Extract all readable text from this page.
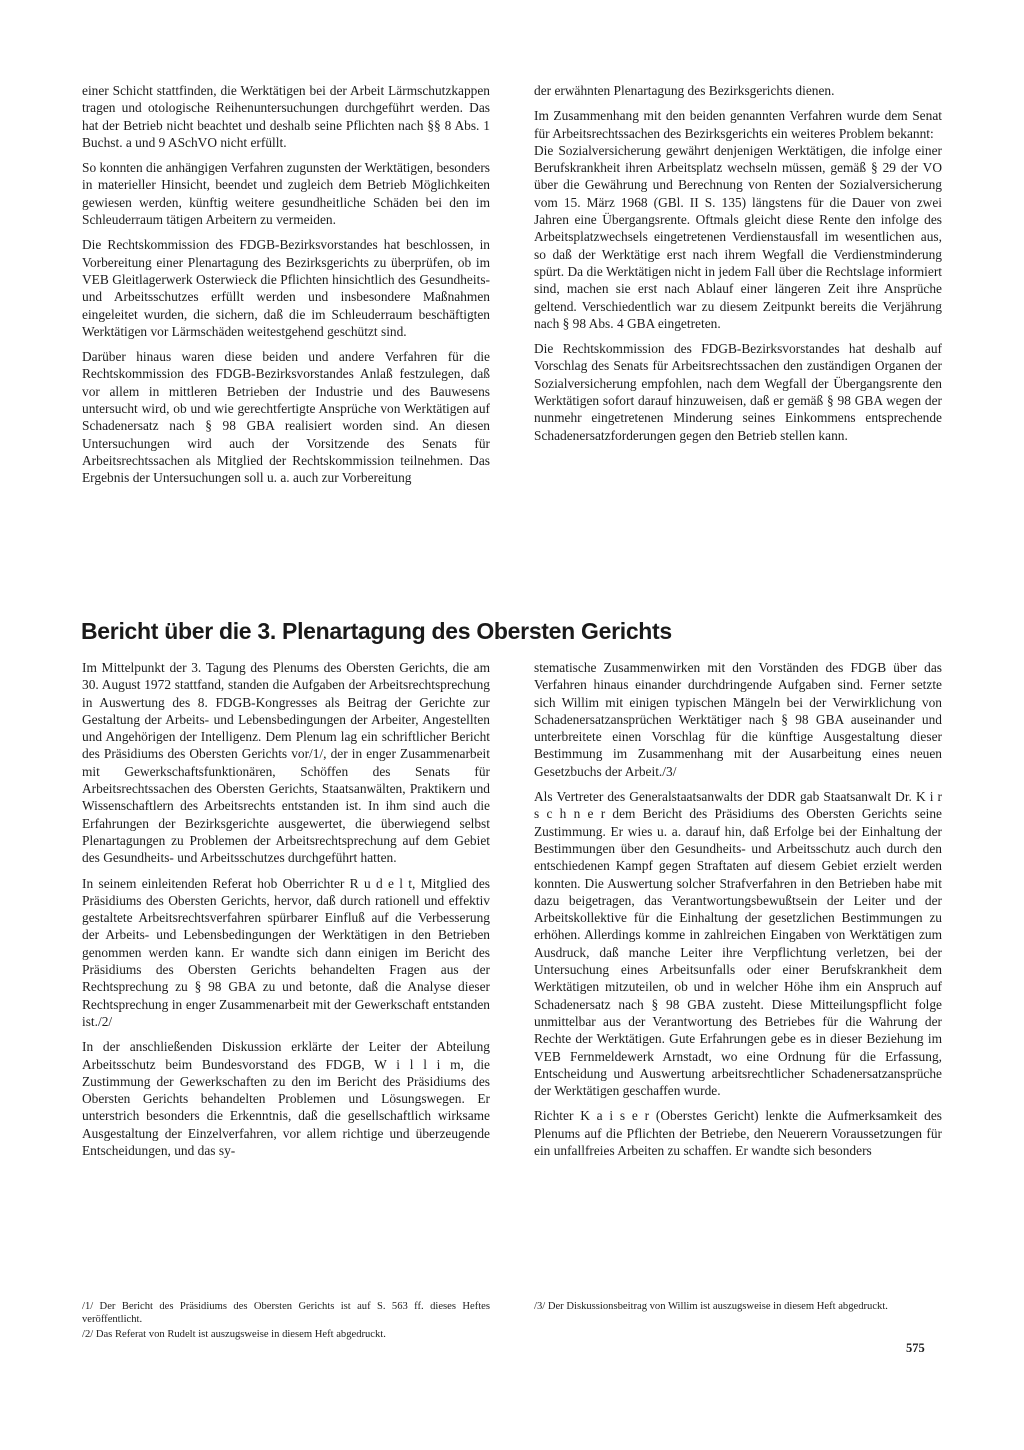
einer Schicht stattfinden, die Werktätigen bei der Arbeit Lärmschutzkappen tragen und otologische Reihenuntersuchungen durchgeführt werden. Das hat der Betrieb nicht beachtet und deshalb seine Pflichten nach §§ 8 Abs. 1 Buchst. a und 9 ASchVO nicht erfüllt.

So konnten die anhängigen Verfahren zugunsten der Werktätigen, besonders in materieller Hinsicht, beendet und zugleich dem Betrieb Möglichkeiten gewiesen werden, künftig weitere gesundheitliche Schäden bei den im Schleuderraum tätigen Arbeitern zu vermeiden.

Die Rechtskommission des FDGB-Bezirksvorstandes hat beschlossen, in Vorbereitung einer Plenartagung des Bezirksgerichts zu überprüfen, ob im VEB Gleitlagerwerk Osterwieck die Pflichten hinsichtlich des Gesundheits- und Arbeitsschutzes erfüllt werden und insbesondere Maßnahmen eingeleitet wurden, die sichern, daß die im Schleuderraum beschäftigten Werktätigen vor Lärmschäden weitestgehend geschützt sind.

Darüber hinaus waren diese beiden und andere Verfahren für die Rechtskommission des FDGB-Bezirksvorstandes Anlaß festzulegen, daß vor allem in mittleren Betrieben der Industrie und des Bauwesens untersucht wird, ob und wie gerechtfertigte Ansprüche von Werktätigen auf Schadenersatz nach § 98 GBA realisiert worden sind. An diesen Untersuchungen wird auch der Vorsitzende des Senats für Arbeitsrechtssachen als Mitglied der Rechtskommission teilnehmen. Das Ergebnis der Untersuchungen soll u. a. auch zur Vorbereitung

der erwähnten Plenartagung des Bezirksgerichts dienen.

Im Zusammenhang mit den beiden genannten Verfahren wurde dem Senat für Arbeitsrechtssachen des Bezirksgerichts ein weiteres Problem bekannt:

Die Sozialversicherung gewährt denjenigen Werktätigen, die infolge einer Berufskrankheit ihren Arbeitsplatz wechseln müssen, gemäß § 29 der VO über die Gewährung und Berechnung von Renten der Sozialversicherung vom 15. März 1968 (GBl. II S. 135) längstens für die Dauer von zwei Jahren eine Übergangsrente. Oftmals gleicht diese Rente den infolge des Arbeitsplatzwechsels eingetretenen Verdienstausfall im wesentlichen aus, so daß der Werktätige erst nach ihrem Wegfall die Verdienstminderung spürt. Da die Werktätigen nicht in jedem Fall über die Rechtslage informiert sind, machen sie erst nach Ablauf einer längeren Zeit ihre Ansprüche geltend. Verschiedentlich war zu diesem Zeitpunkt bereits die Verjährung nach § 98 Abs. 4 GBA eingetreten.

Die Rechtskommission des FDGB-Bezirksvorstandes hat deshalb auf Vorschlag des Senats für Arbeitsrechtssachen den zuständigen Organen der Sozialversicherung empfohlen, nach dem Wegfall der Übergangsrente den Werktätigen sofort darauf hinzuweisen, daß er gemäß § 98 GBA wegen der nunmehr eingetretenen Minderung seines Einkommens entsprechende Schadenersatzforderungen gegen den Betrieb stellen kann.

Bericht über die 3. Plenartagung des Obersten Gerichts

Im Mittelpunkt der 3. Tagung des Plenums des Obersten Gerichts, die am 30. August 1972 stattfand, standen die Aufgaben der Arbeitsrechtsprechung in Auswertung des 8. FDGB-Kongresses als Beitrag der Gerichte zur Gestaltung der Arbeits- und Lebensbedingungen der Arbeiter, Angestellten und Angehörigen der Intelligenz. Dem Plenum lag ein schriftlicher Bericht des Präsidiums des Obersten Gerichts vor/1/, der in enger Zusammenarbeit mit Gewerkschaftsfunktionären, Schöffen des Senats für Arbeitsrechtssachen des Obersten Gerichts, Staatsanwälten, Praktikern und Wissenschaftlern des Arbeitsrechts entstanden ist. In ihm sind auch die Erfahrungen der Bezirksgerichte ausgewertet, die überwiegend selbst Plenartagungen zu Problemen der Arbeitsrechtsprechung auf dem Gebiet des Gesundheits- und Arbeitsschutzes durchgeführt hatten.

In seinem einleitenden Referat hob Oberrichter R u d e l t, Mitglied des Präsidiums des Obersten Gerichts, hervor, daß durch rationell und effektiv gestaltete Arbeitsrechtsverfahren spürbarer Einfluß auf die Verbesserung der Arbeits- und Lebensbedingungen der Werktätigen in den Betrieben genommen werden kann. Er wandte sich dann einigen im Bericht des Präsidiums des Obersten Gerichts behandelten Fragen aus der Rechtsprechung zu § 98 GBA zu und betonte, daß die Analyse dieser Rechtsprechung in enger Zusammenarbeit mit der Gewerkschaft entstanden ist./2/

In der anschließenden Diskussion erklärte der Leiter der Abteilung Arbeitsschutz beim Bundesvorstand des FDGB, W i l l i m, die Zustimmung der Gewerkschaften zu den im Bericht des Präsidiums des Obersten Gerichts behandelten Problemen und Lösungswegen. Er unterstrich besonders die Erkenntnis, daß die gesellschaftlich wirksame Ausgestaltung der Einzelverfahren, vor allem richtige und überzeugende Entscheidungen, und das sy-

stematische Zusammenwirken mit den Vorständen des FDGB über das Verfahren hinaus einander durchdringende Aufgaben sind. Ferner setzte sich Willim mit einigen typischen Mängeln bei der Verwirklichung von Schadenersatzansprüchen Werktätiger nach § 98 GBA auseinander und unterbreitete einen Vorschlag für die künftige Ausgestaltung dieser Bestimmung im Zusammenhang mit der Ausarbeitung eines neuen Gesetzbuchs der Arbeit./3/

Als Vertreter des Generalstaatsanwalts der DDR gab Staatsanwalt Dr. K i r s c h n e r dem Bericht des Präsidiums des Obersten Gerichts seine Zustimmung. Er wies u. a. darauf hin, daß Erfolge bei der Einhaltung der Bestimmungen über den Gesundheits- und Arbeitsschutz auch durch den entschiedenen Kampf gegen Straftaten auf diesem Gebiet erzielt werden konnten. Die Auswertung solcher Strafverfahren in den Betrieben habe mit dazu beigetragen, das Verantwortungsbewußtsein der Leiter und der Arbeitskollektive für die Einhaltung der gesetzlichen Bestimmungen zu erhöhen. Allerdings komme in zahlreichen Eingaben von Werktätigen zum Ausdruck, daß manche Leiter ihre Verpflichtung verletzen, bei der Untersuchung eines Arbeitsunfalls oder einer Berufskrankheit dem Werktätigen mitzuteilen, ob und in welcher Höhe ihm ein Anspruch auf Schadenersatz nach § 98 GBA zusteht. Diese Mitteilungspflicht folge unmittelbar aus der Verantwortung des Betriebes für die Wahrung der Rechte der Werktätigen. Gute Erfahrungen gebe es in dieser Beziehung im VEB Fernmeldewerk Arnstadt, wo eine Ordnung für die Erfassung, Entscheidung und Auswertung arbeitsrechtlicher Schadenersatzansprüche der Werktätigen geschaffen wurde.

Richter K a i s e r (Oberstes Gericht) lenkte die Aufmerksamkeit des Plenums auf die Pflichten der Betriebe, den Neuerern Voraussetzungen für ein unfallfreies Arbeiten zu schaffen. Er wandte sich besonders

/1/ Der Bericht des Präsidiums des Obersten Gerichts ist auf S. 563 ff. dieses Heftes veröffentlicht.
/2/ Das Referat von Rudelt ist auszugsweise in diesem Heft abgedruckt.
/3/ Der Diskussionsbeitrag von Willim ist auszugsweise in diesem Heft abgedruckt.
575
